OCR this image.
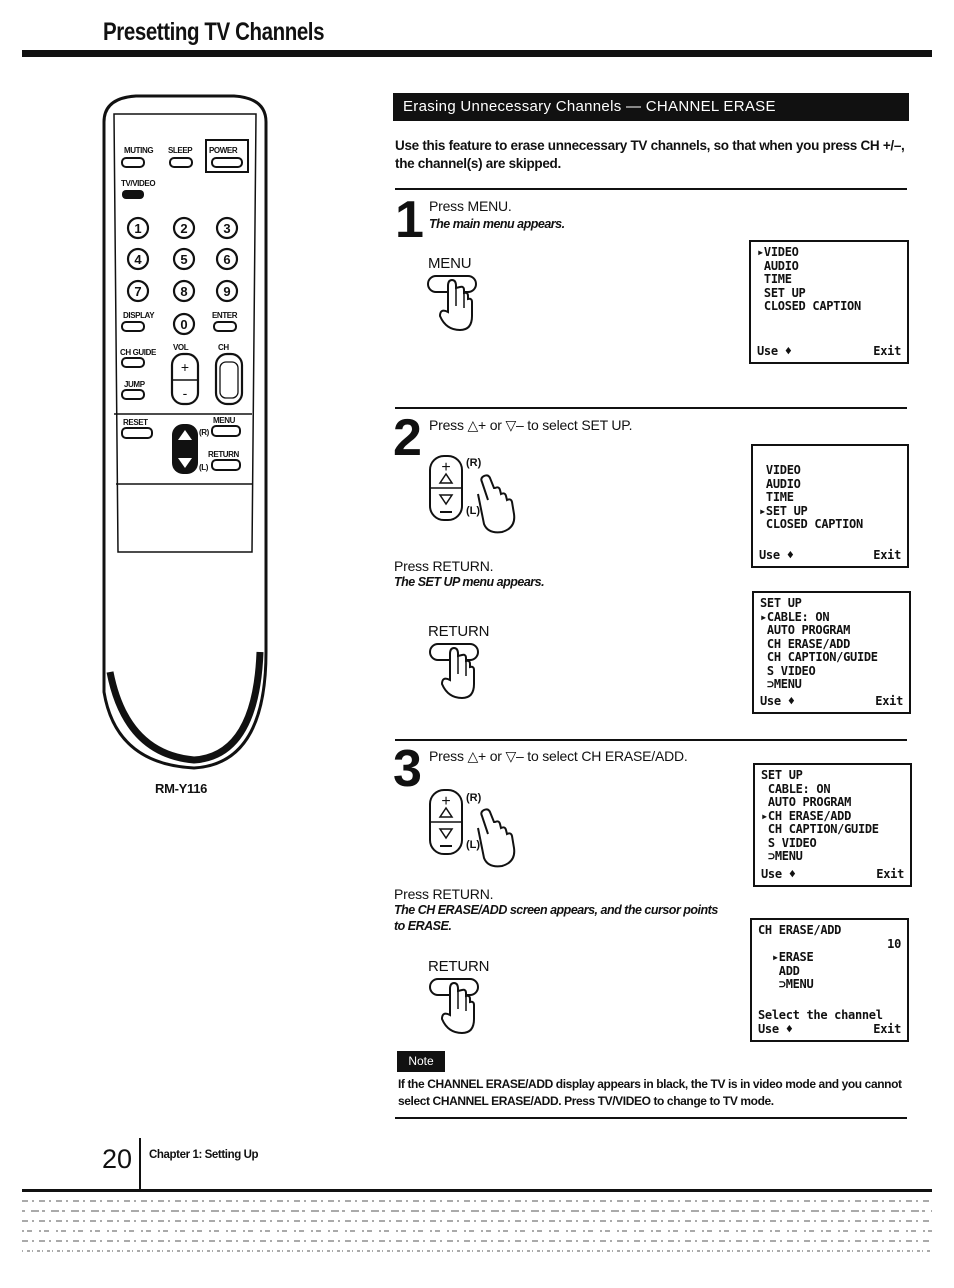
Presetting TV Channels
1	2	3
4	5	6
7	8	9
0
+
-
MUTING SLEEP POWER
TV/VIDEO
DISPLAY	ENTER
VOL	CH
CH GUIDE
JUMP
RESET	MENU
RETURN
(R)
(L)
RM-Y116
Erasing Unnecessary Channels — CHANNEL ERASE
Use this feature to erase unnecessary TV channels, so that when you press CH +/–, the channel(s) are skipped.
1 Press MENU.
The main menu appears.
MENU
▸VIDEO
AUDIO
TIME
SET UP
CLOSED CAPTION
Use ♦	Exit
2 Press △+ or ▽– to select SET UP.
+ (R)
(L)
VIDEO
AUDIO
TIME
▸SET UP
CLOSED CAPTION
Use ♦	Exit
Press RETURN.
The SET UP menu appears.
RETURN
SET UP
▸CABLE: ON
AUTO PROGRAM
CH ERASE/ADD
CH CAPTION/GUIDE
S VIDEO
⊃MENU
Use ♦	Exit
3 Press △+ or ▽– to select CH ERASE/ADD.
+ (R)
(L)
SET UP
CABLE: ON
AUTO PROGRAM
▸CH ERASE/ADD
CH CAPTION/GUIDE
S VIDEO
⊃MENU
Use ♦	Exit
Press RETURN.
The CH ERASE/ADD screen appears, and the cursor points to ERASE.
RETURN
CH ERASE/ADD
10
▸ERASE
ADD
⊃MENU
Select the channel
Use ♦	Exit
Note
If the CHANNEL ERASE/ADD display appears in black, the TV is in video mode and you cannot select CHANNEL ERASE/ADD. Press TV/VIDEO to change to TV mode.
20 Chapter 1: Setting Up
